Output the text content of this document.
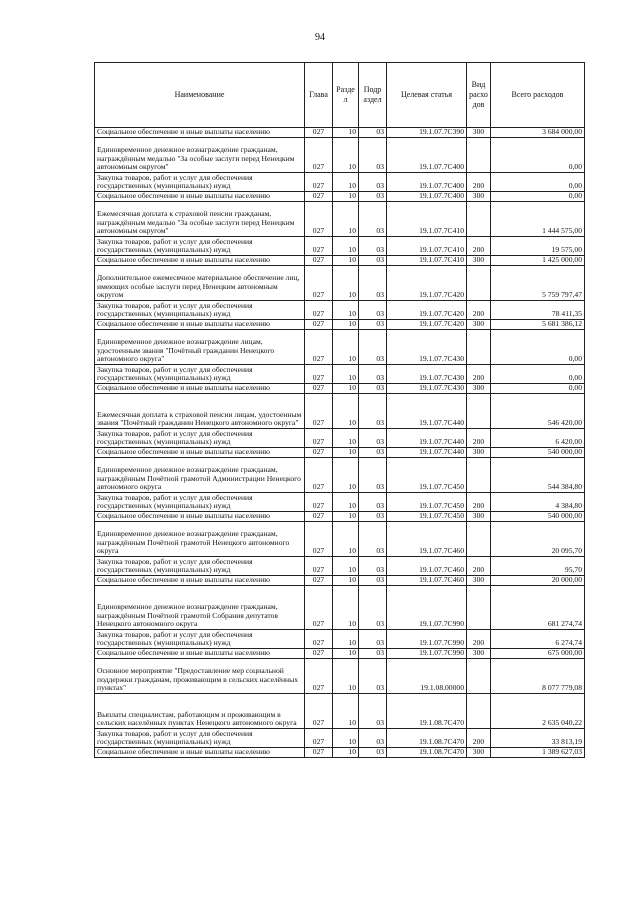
94
Наименование	Глава	Разде л	Подр аздел	Целевая статья	Вид расхо дов	Всего расходов
Социальное обеспечение и иные выплаты населению	027	10	03	19.1.07.7С390	300	3 684 000,00
Единовременное денежное вознаграждение гражданам, награждённым медалью "За особые заслуги перед Ненецким автономным округом"	027	10	03	19.1.07.7С400		0,00
Закупка товаров, работ и услуг для обеспечения государственных (муниципальных) нужд	027	10	03	19.1.07.7С400	200	0,00
Социальное обеспечение и иные выплаты населению	027	10	03	19.1.07.7С400	300	0,00
Ежемесячная доплата к страховой пенсии гражданам, награждённым медалью "За особые заслуги перед Ненецким автономным округом"	027	10	03	19.1.07.7С410		1 444 575,00
Закупка товаров, работ и услуг для обеспечения государственных (муниципальных) нужд	027	10	03	19.1.07.7С410	200	19 575,00
Социальное обеспечение и иные выплаты населению	027	10	03	19.1.07.7С410	300	1 425 000,00
Дополнительное ежемесячное материальное обеспечение лиц, имеющих особые заслуги перед Ненецким автономным округом	027	10	03	19.1.07.7С420		5 759 797,47
Закупка товаров, работ и услуг для обеспечения государственных (муниципальных) нужд	027	10	03	19.1.07.7С420	200	78 411,35
Социальное обеспечение и иные выплаты населению	027	10	03	19.1.07.7С420	300	5 681 386,12
Единовременное денежное вознаграждение лицам, удостоенным звания "Почётный гражданин Ненецкого автономного округа"	027	10	03	19.1.07.7С430		0,00
Закупка товаров, работ и услуг для обеспечения государственных (муниципальных) нужд	027	10	03	19.1.07.7С430	200	0,00
Социальное обеспечение и иные выплаты населению	027	10	03	19.1.07.7С430	300	0,00
Ежемесячная доплата к страховой пенсии лицам, удостоенным звания "Почётный гражданин Ненецкого автономного округа"	027	10	03	19.1.07.7С440		546 420,00
Закупка товаров, работ и услуг для обеспечения государственных (муниципальных) нужд	027	10	03	19.1.07.7С440	200	6 420,00
Социальное обеспечение и иные выплаты населению	027	10	03	19.1.07.7С440	300	540 000,00
Единовременное денежное вознаграждение гражданам, награждённым Почётной грамотой Администрации Ненецкого автономного округа	027	10	03	19.1.07.7С450		544 384,80
Закупка товаров, работ и услуг для обеспечения государственных (муниципальных) нужд	027	10	03	19.1.07.7С450	200	4 384,80
Социальное обеспечение и иные выплаты населению	027	10	03	19.1.07.7С450	300	540 000,00
Единовременное денежное вознаграждение гражданам, награждённым Почётной грамотой Ненецкого автономного округа	027	10	03	19.1.07.7С460		20 095,70
Закупка товаров, работ и услуг для обеспечения государственных (муниципальных) нужд	027	10	03	19.1.07.7С460	200	95,70
Социальное обеспечение и иные выплаты населению	027	10	03	19.1.07.7С460	300	20 000,00
Единовременное денежное вознаграждение гражданам, награждённым Почётной грамотой Собрания депутатов Ненецкого автономного округа	027	10	03	19.1.07.7С990		681 274,74
Закупка товаров, работ и услуг для обеспечения государственных (муниципальных) нужд	027	10	03	19.1.07.7С990	200	6 274,74
Социальное обеспечение и иные выплаты населению	027	10	03	19.1.07.7С990	300	675 000,00
Основное мероприятие "Предоставление мер социальной поддержки гражданам, проживающим в сельских населённых пунктах"	027	10	03	19.1.08.00000		8 077 779,08
Выплаты специалистам, работающим и проживающим в сельских населённых пунктах Ненецкого автономного округа	027	10	03	19.1.08.7С470		2 635 040,22
Закупка товаров, работ и услуг для обеспечения государственных (муниципальных) нужд	027	10	03	19.1.08.7С470	200	33 813,19
Социальное обеспечение и иные выплаты населению	027	10	03	19.1.08.7С470	300	1 389 627,03
